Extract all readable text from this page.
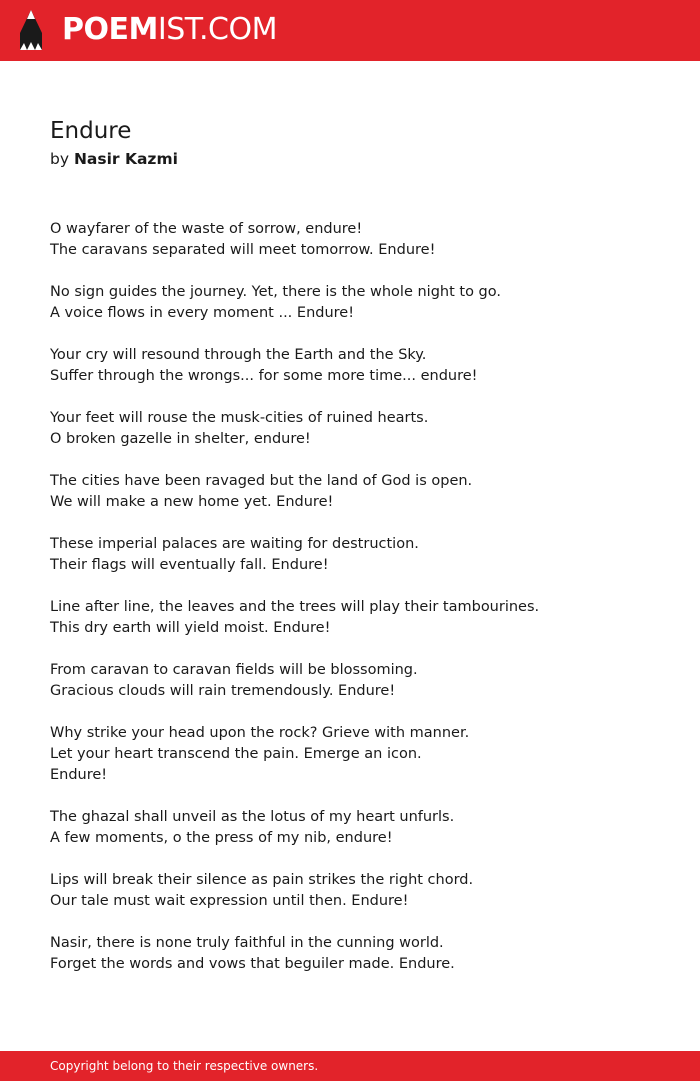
POEMIST.COM
Endure
by Nasir Kazmi

O wayfarer of the waste of sorrow, endure!
The caravans separated will meet tomorrow. Endure!

No sign guides the journey. Yet, there is the whole night to go.
A voice flows in every moment ... Endure!

Your cry will resound through the Earth and the Sky.
Suffer through the wrongs... for some more time... endure!

Your feet will rouse the musk-cities of ruined hearts.
O broken gazelle in shelter, endure!

The cities have been ravaged but the land of God is open.
We will make a new home yet. Endure!

These imperial palaces are waiting for destruction.
Their flags will eventually fall. Endure!

Line after line, the leaves and the trees will play their tambourines.
This dry earth will yield moist. Endure!

From caravan to caravan fields will be blossoming.
Gracious clouds will rain tremendously. Endure!

Why strike your head upon the rock? Grieve with manner.
Let your heart transcend the pain. Emerge an icon.
Endure!

The ghazal shall unveil as the lotus of my heart unfurls.
A few moments, o the press of my nib, endure!

Lips will break their silence as pain strikes the right chord.
Our tale must wait expression until then. Endure!

Nasir, there is none truly faithful in the cunning world.
Forget the words and vows that beguiler made. Endure.

Copyright belong to their respective owners.
